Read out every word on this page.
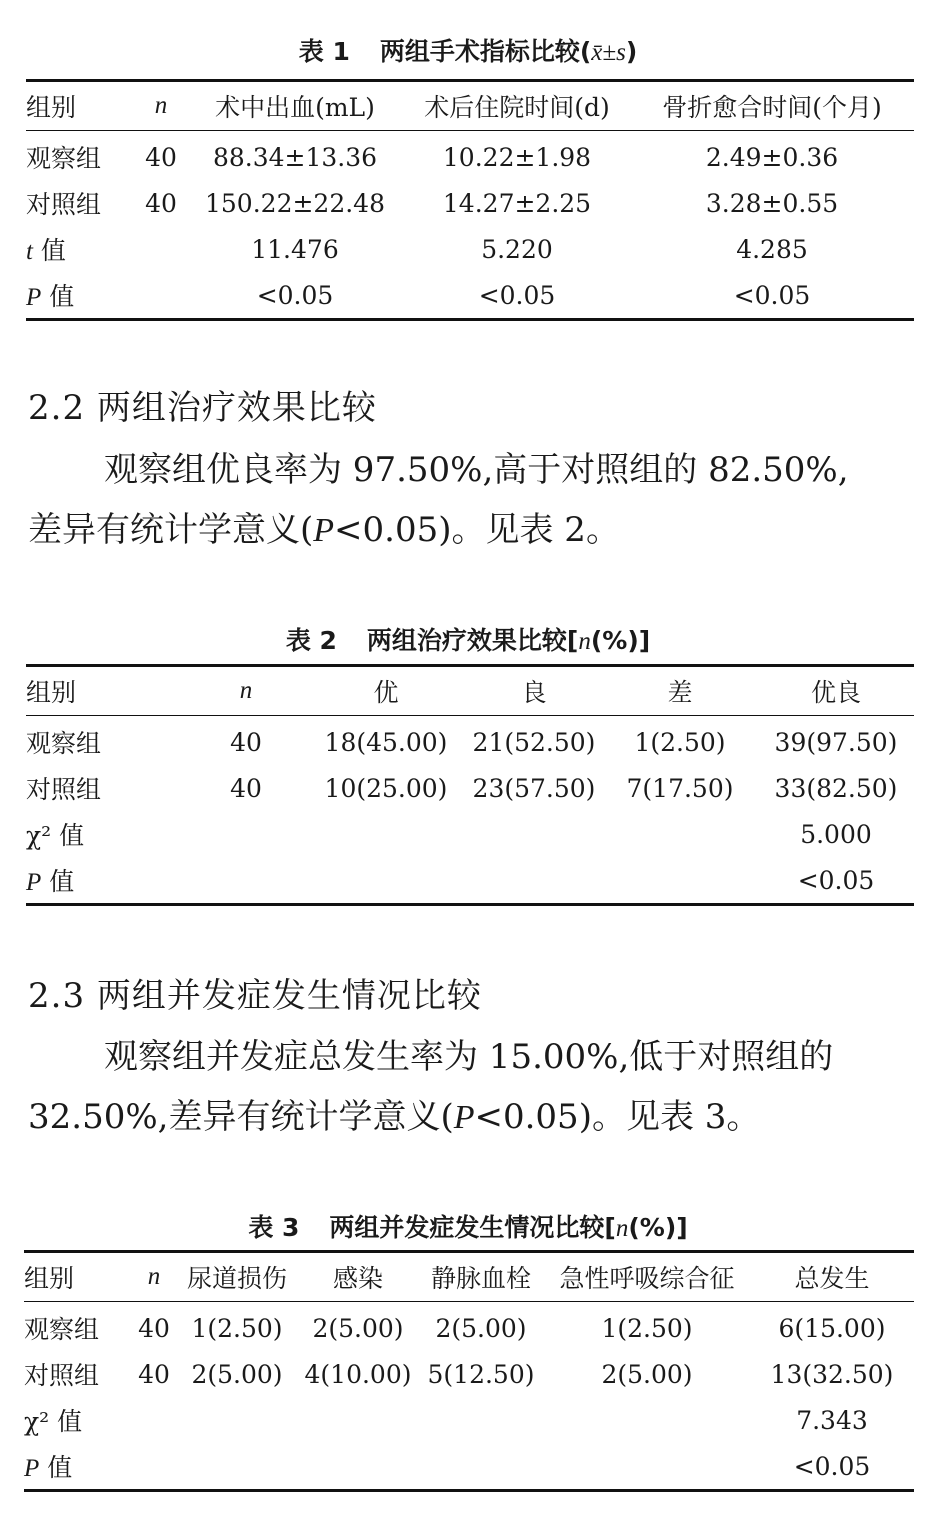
表 1 两组手术指标比较(x̄±s)
组别	n	术中出血(mL)	术后住院时间(d)	骨折愈合时间(个月)
观察组	40	88.34±13.36	10.22±1.98	2.49±0.36
对照组	40	150.22±22.48	14.27±2.25	3.28±0.55
t 值		11.476	5.220	4.285
P 值		<0.05	<0.05	<0.05
2.2 两组治疗效果比较
观察组优良率为 97.50%,高于对照组的 82.50%,
差异有统计学意义(P<0.05)。见表 2。
表 2 两组治疗效果比较[n(%)]
组别	n	优	良	差	优良
观察组	40	18(45.00)	21(52.50)	1(2.50)	39(97.50)
对照组	40	10(25.00)	23(57.50)	7(17.50)	33(82.50)
χ² 值					5.000
P 值					<0.05
2.3 两组并发症发生情况比较
观察组并发症总发生率为 15.00%,低于对照组的
32.50%,差异有统计学意义(P<0.05)。见表 3。
表 3 两组并发症发生情况比较[n(%)]
组别	n	尿道损伤	感染	静脉血栓	急性呼吸综合征	总发生
观察组	40	1(2.50)	2(5.00)	2(5.00)	1(2.50)	6(15.00)
对照组	40	2(5.00)	4(10.00)	5(12.50)	2(5.00)	13(32.50)
χ² 值						7.343
P 值						<0.05
